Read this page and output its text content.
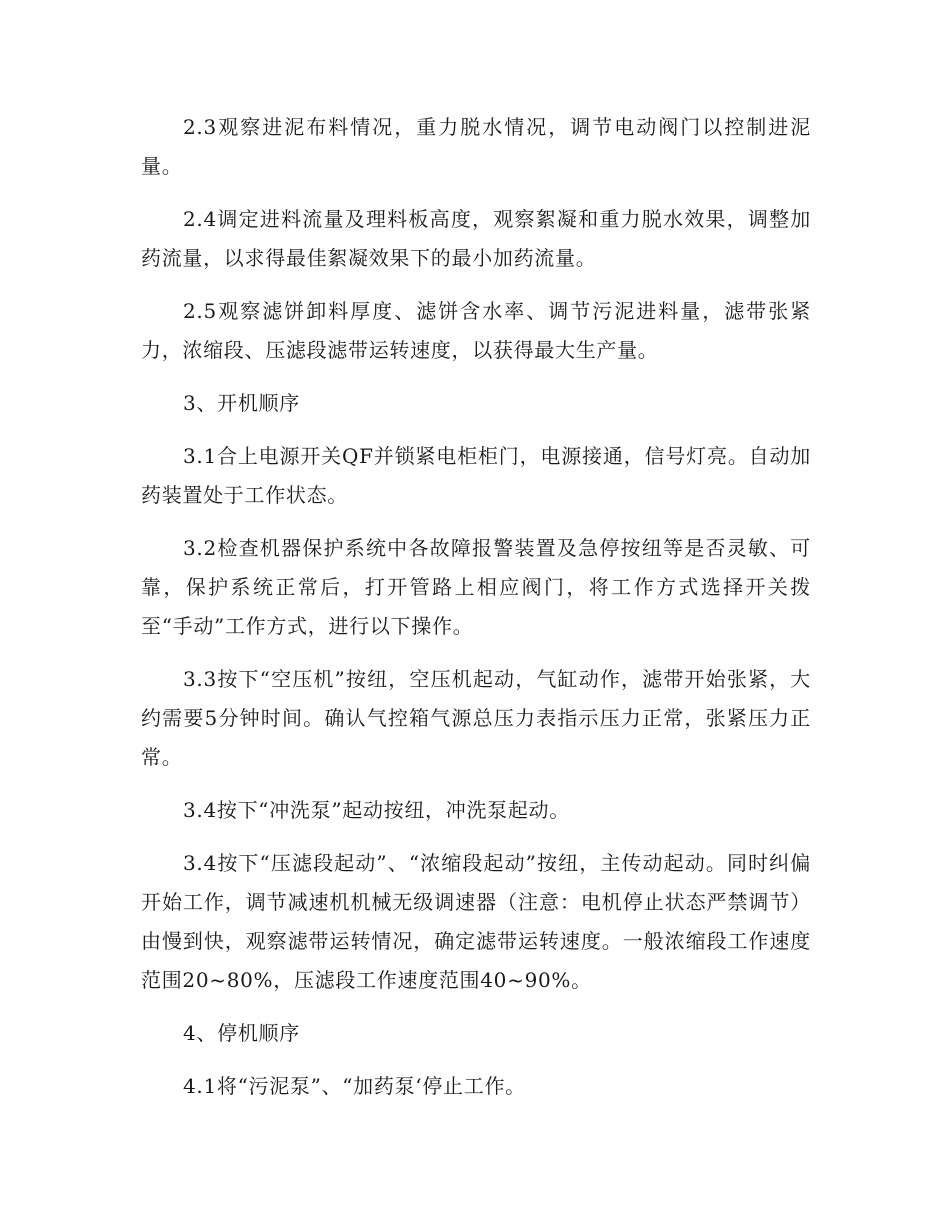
2.3观察进泥布料情况，重力脱水情况，调节电动阀门以控制进泥量。

2.4调定进料流量及理料板高度，观察絮凝和重力脱水效果，调整加药流量，以求得最佳絮凝效果下的最小加药流量。

2.5观察滤饼卸料厚度、滤饼含水率、调节污泥进料量，滤带张紧力，浓缩段、压滤段滤带运转速度，以获得最大生产量。

3、开机顺序

3.1合上电源开关QF并锁紧电柜柜门，电源接通，信号灯亮。自动加药装置处于工作状态。

3.2检查机器保护系统中各故障报警装置及急停按纽等是否灵敏、可靠，保护系统正常后，打开管路上相应阀门，将工作方式选择开关拨至“手动”工作方式，进行以下操作。

3.3按下“空压机”按纽，空压机起动，气缸动作，滤带开始张紧，大约需要5分钟时间。确认气控箱气源总压力表指示压力正常，张紧压力正常。

3.4按下“冲洗泵”起动按纽，冲洗泵起动。

3.4按下“压滤段起动”、“浓缩段起动”按纽，主传动起动。同时纠偏开始工作，调节减速机机械无级调速器（注意：电机停止状态严禁调节）由慢到快，观察滤带运转情况，确定滤带运转速度。一般浓缩段工作速度范围20~80%，压滤段工作速度范围40~90%。

4、停机顺序

4.1将“污泥泵”、“加药泵‘停止工作。
